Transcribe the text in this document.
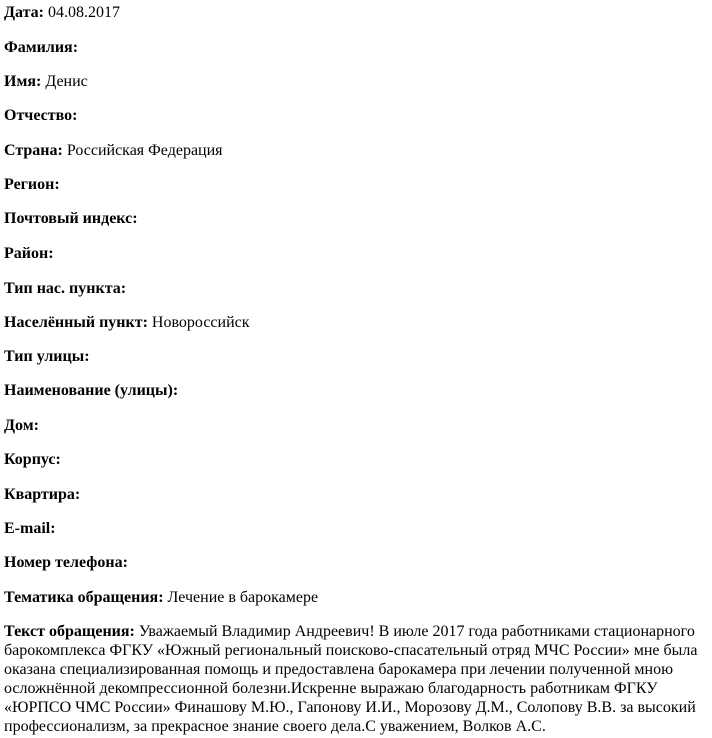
Дата: 04.08.2017

Фамилия:

Имя: Денис

Отчество:

Страна: Российская Федерация

Регион:

Почтовый индекс:

Район:

Тип нас. пункта:

Населённый пункт: Новороссийск

Тип улицы:

Наименование (улицы):

Дом:

Корпус:

Квартира:

E-mail:

Номер телефона:

Тематика обращения: Лечение в барокамере

Текст обращения: Уважаемый Владимир Андреевич! В июле 2017 года работниками стационарного барокомплекса ФГКУ «Южный региональный поисково-спасательный отряд МЧС России» мне была оказана специализированная помощь и предоставлена барокамера при лечении полученной мною осложнённой декомпрессионной болезни.Искренне выражаю благодарность работникам ФГКУ «ЮРПСО ЧМС России» Финашову М.Ю., Гапонову И.И., Морозову Д.М., Солопову В.В. за высокий профессионализм, за прекрасное знание своего дела.С уважением, Волков А.С.
